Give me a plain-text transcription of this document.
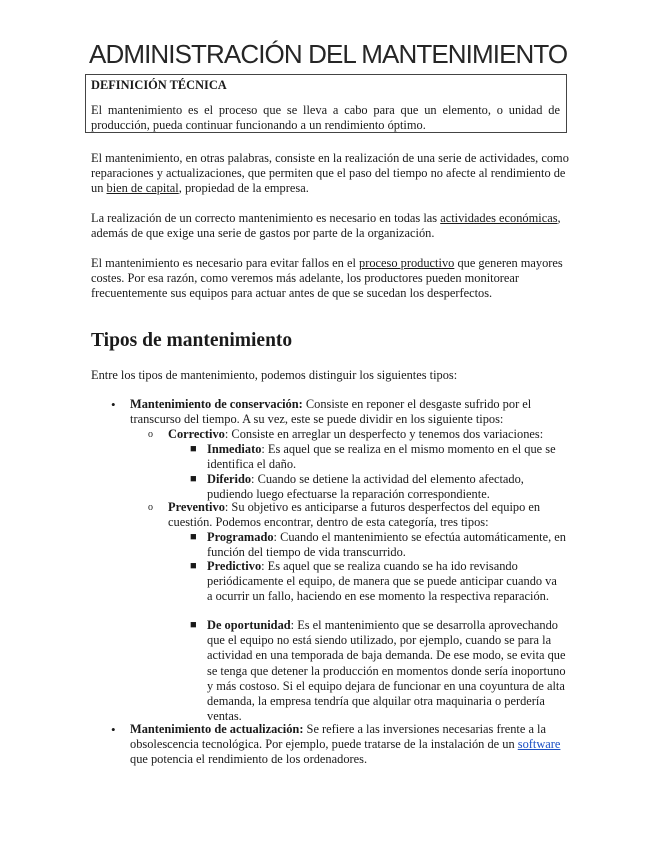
ADMINISTRACIÓN DEL MANTENIMIENTO
DEFINICIÓN TÉCNICA
El mantenimiento es el proceso que se lleva a cabo para que un elemento, o unidad de producción, pueda continuar funcionando a un rendimiento óptimo.
El mantenimiento, en otras palabras, consiste en la realización de una serie de actividades, como reparaciones y actualizaciones, que permiten que el paso del tiempo no afecte al rendimiento de un bien de capital, propiedad de la empresa.
La realización de un correcto mantenimiento es necesario en todas las actividades económicas, además de que exige una serie de gastos por parte de la organización.
El mantenimiento es necesario para evitar fallos en el proceso productivo que generen mayores costes. Por esa razón, como veremos más adelante, los productores pueden monitorear frecuentemente sus equipos para actuar antes de que se sucedan los desperfectos.
Tipos de mantenimiento
Entre los tipos de mantenimiento, podemos distinguir los siguientes tipos:
• Mantenimiento de conservación: Consiste en reponer el desgaste sufrido por el transcurso del tiempo. A su vez, este se puede dividir en los siguiente tipos:
o Correctivo: Consiste en arreglar un desperfecto y tenemos dos variaciones:
■ Inmediato: Es aquel que se realiza en el mismo momento en el que se identifica el daño.
■ Diferido: Cuando se detiene la actividad del elemento afectado, pudiendo luego efectuarse la reparación correspondiente.
o Preventivo: Su objetivo es anticiparse a futuros desperfectos del equipo en cuestión. Podemos encontrar, dentro de esta categoría, tres tipos:
■ Programado: Cuando el mantenimiento se efectúa automáticamente, en función del tiempo de vida transcurrido.
■ Predictivo: Es aquel que se realiza cuando se ha ido revisando periódicamente el equipo, de manera que se puede anticipar cuando va a ocurrir un fallo, haciendo en ese momento la respectiva reparación.
■ De oportunidad: Es el mantenimiento que se desarrolla aprovechando que el equipo no está siendo utilizado, por ejemplo, cuando se para la actividad en una temporada de baja demanda. De ese modo, se evita que se tenga que detener la producción en momentos donde sería inoportuno y más costoso. Si el equipo dejara de funcionar en una coyuntura de alta demanda, la empresa tendría que alquilar otra maquinaria o perdería ventas.
• Mantenimiento de actualización: Se refiere a las inversiones necesarias frente a la obsolescencia tecnológica. Por ejemplo, puede tratarse de la instalación de un software que potencia el rendimiento de los ordenadores.
